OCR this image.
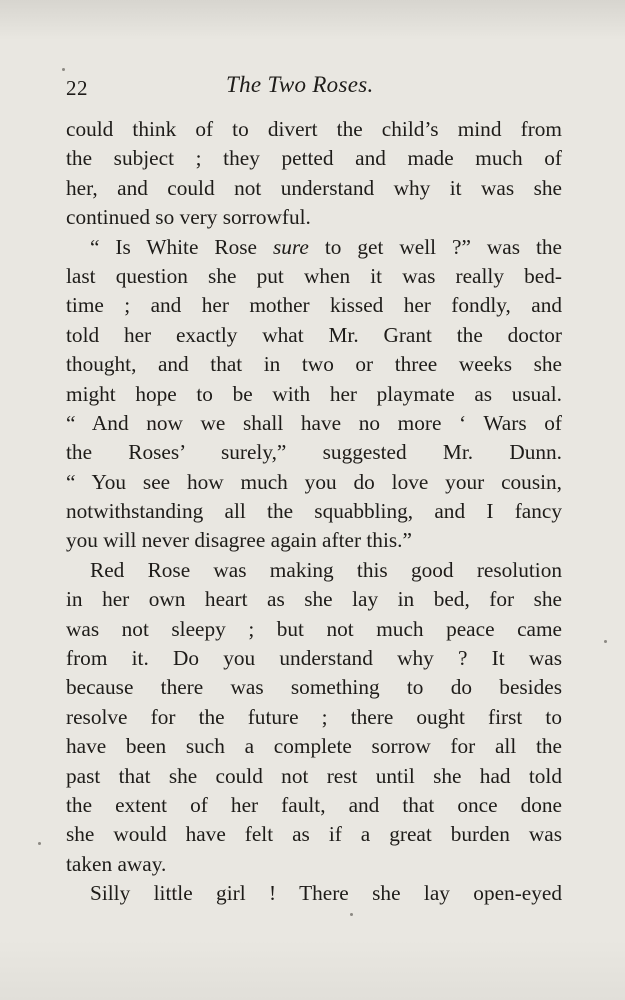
22	The Two Roses.
could think of to divert the child’s mind from
the subject ; they petted and made much of
her, and could not understand why it was she
continued so very sorrowful.
“ Is White Rose sure to get well ?” was the
last question she put when it was really bed-
time ; and her mother kissed her fondly, and
told her exactly what Mr. Grant the doctor
thought, and that in two or three weeks she
might hope to be with her playmate as usual.
“ And now we shall have no more ‘ Wars of
the Roses’ surely,” suggested Mr. Dunn.
“ You see how much you do love your cousin,
notwithstanding all the squabbling, and I fancy
you will never disagree again after this.”
Red Rose was making this good resolution
in her own heart as she lay in bed, for she
was not sleepy ; but not much peace came
from it. Do you understand why ? It was
because there was something to do besides
resolve for the future ; there ought first to
have been such a complete sorrow for all the
past that she could not rest until she had told
the extent of her fault, and that once done
she would have felt as if a great burden was
taken away.
Silly little girl ! There she lay open-eyed
